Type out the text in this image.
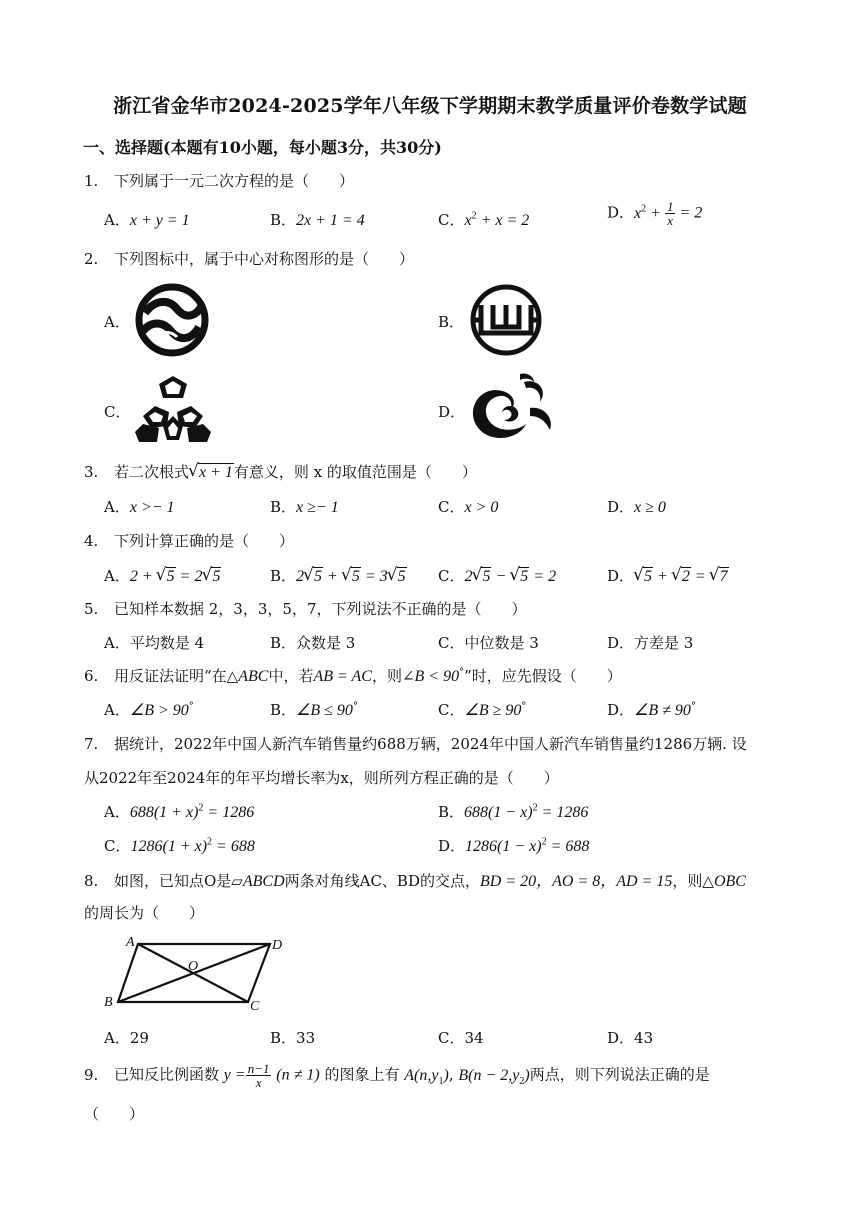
浙江省金华市2024-2025学年八年级下学期期末教学质量评价卷数学试题
一、选择题(本题有10小题，每小题3分，共30分)
1. 下列属于一元二次方程的是（　　）
A．x + y = 1	B．2x + 1 = 4	C．$x^2 + x = 2$	D．$x^2 + \frac{1}{x} = 2$
2. 下列图标中，属于中心对称图形的是（　　）
A．	B．
C．	D．
3. 若二次根式 √ x + 1有意义，则 x 的取值范围是（　　）
A．x >− 1	B．x ≥− 1	C．x > 0	D．x ≥ 0
4. 下列计算正确的是（　　）
A．2 + √ 5 = 2 √ 5	B．2 √ 5 + √ 5 = 3 √ 5 C．2 √ 5 − √ 5 = 2	D． √ 5 + √ 2 = √ 7
5. 已知样本数据 2，3，3，5，7，下列说法不正确的是（　　）
A．平均数是 4	B．众数是 3	C．中位数是 3	D．方差是 3
6. 用反证法证明“在△ABC中，若AB = AC，则∠B < 90°”时，应先假设（　　）
A．∠B > 90°	B．∠B ≤ 90°	C．∠B ≥ 90°	D．∠B ≠ 90°
7. 据统计，2022年中国人新汽车销售量约688万辆，2024年中国人新汽车销售量约1286万辆. 设
从2022年至2024年的年平均增长率为x，则所列方程正确的是（　　）
A．$688(1 + x)^2 = 1286$	B．$688(1 - x)^2 = 1286$
C．$1286(1 + x)^2 = 688$	D．$1286(1 - x)^2 = 688$
8. 如图，已知点O是▱ABCD两条对角线AC、BD的交点，BD = 20，AO = 8，AD = 15，则△OBC
的周长为（　　）
A	D
B	C
O
A．29	B．33	C．34	D．43
9. 已知反比例函数 $y = \frac{n-1}{x} (n \ne 1)$ 的图象上有 $A(n,y_1)$, $B(n - 2,y_2)$两点，则下列说法正确的是
（　　）
